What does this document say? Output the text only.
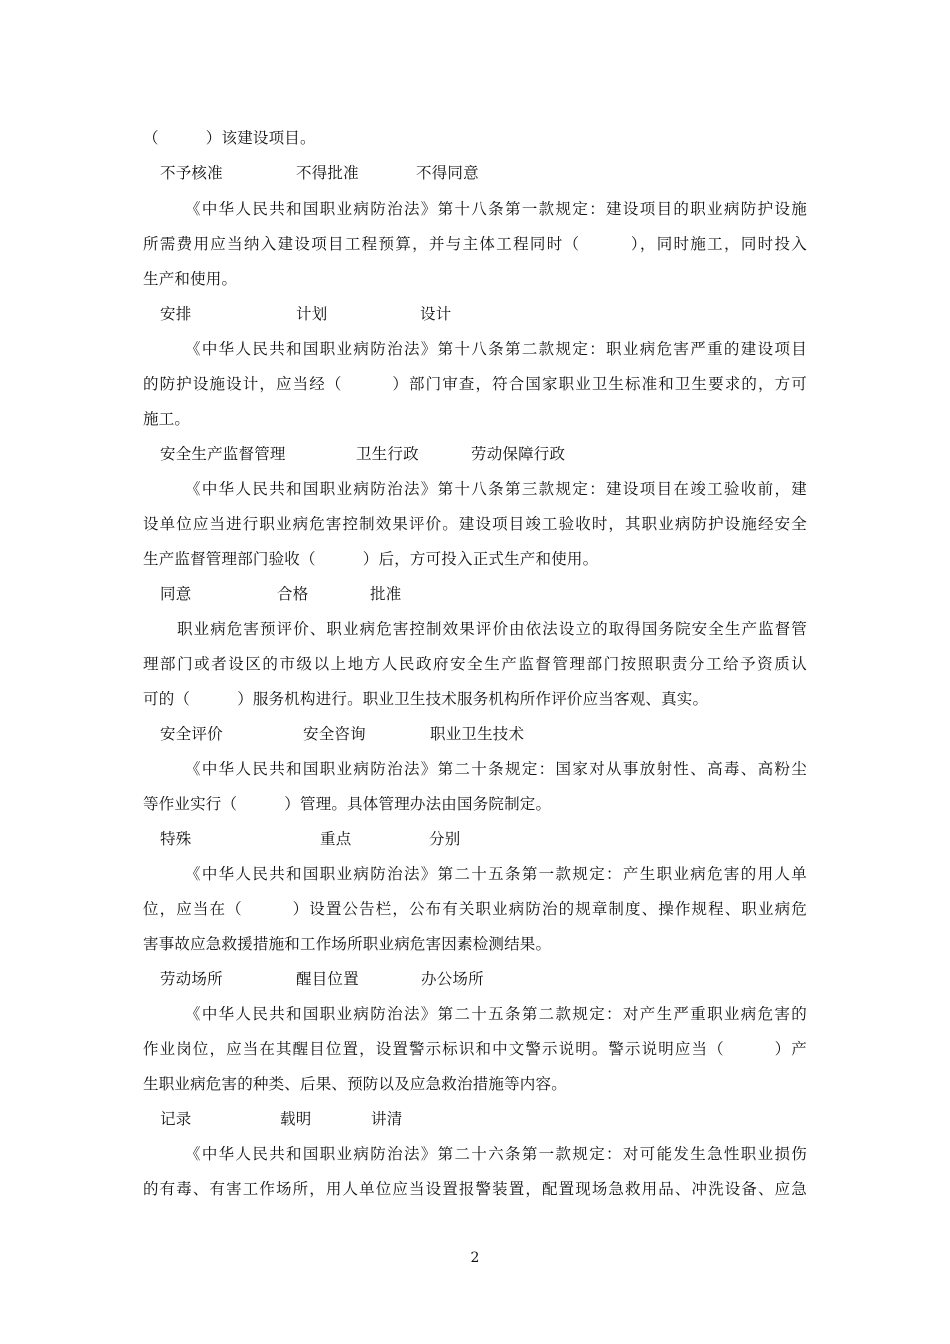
（　　　）该建设项目。
不予核准	不得批准	不得同意
《中华人民共和国职业病防治法》第十八条第一款规定：建设项目的职业病防护设施
所需费用应当纳入建设项目工程预算，并与主体工程同时（　　　），同时施工，同时投入
生产和使用。
安排	计划	设计
《中华人民共和国职业病防治法》第十八条第二款规定：职业病危害严重的建设项目
的防护设施设计，应当经（　　　）部门审查，符合国家职业卫生标准和卫生要求的，方可
施工。
安全生产监督管理	卫生行政	劳动保障行政
《中华人民共和国职业病防治法》第十八条第三款规定：建设项目在竣工验收前，建
设单位应当进行职业病危害控制效果评价。建设项目竣工验收时，其职业病防护设施经安全
生产监督管理部门验收（　　　）后，方可投入正式生产和使用。
同意	合格	批准
职业病危害预评价、职业病危害控制效果评价由依法设立的取得国务院安全生产监督管
理部门或者设区的市级以上地方人民政府安全生产监督管理部门按照职责分工给予资质认
可的（　　　）服务机构进行。职业卫生技术服务机构所作评价应当客观、真实。
安全评价	安全咨询	职业卫生技术
《中华人民共和国职业病防治法》第二十条规定：国家对从事放射性、高毒、高粉尘
等作业实行（　　　）管理。具体管理办法由国务院制定。
特殊	重点	分别
《中华人民共和国职业病防治法》第二十五条第一款规定：产生职业病危害的用人单
位，应当在（　　　）设置公告栏，公布有关职业病防治的规章制度、操作规程、职业病危
害事故应急救援措施和工作场所职业病危害因素检测结果。
劳动场所	醒目位置	办公场所
《中华人民共和国职业病防治法》第二十五条第二款规定：对产生严重职业病危害的
作业岗位，应当在其醒目位置，设置警示标识和中文警示说明。警示说明应当（　　　）产
生职业病危害的种类、后果、预防以及应急救治措施等内容。
记录	载明	讲清
《中华人民共和国职业病防治法》第二十六条第一款规定：对可能发生急性职业损伤
的有毒、有害工作场所，用人单位应当设置报警装置，配置现场急救用品、冲洗设备、应急
2
